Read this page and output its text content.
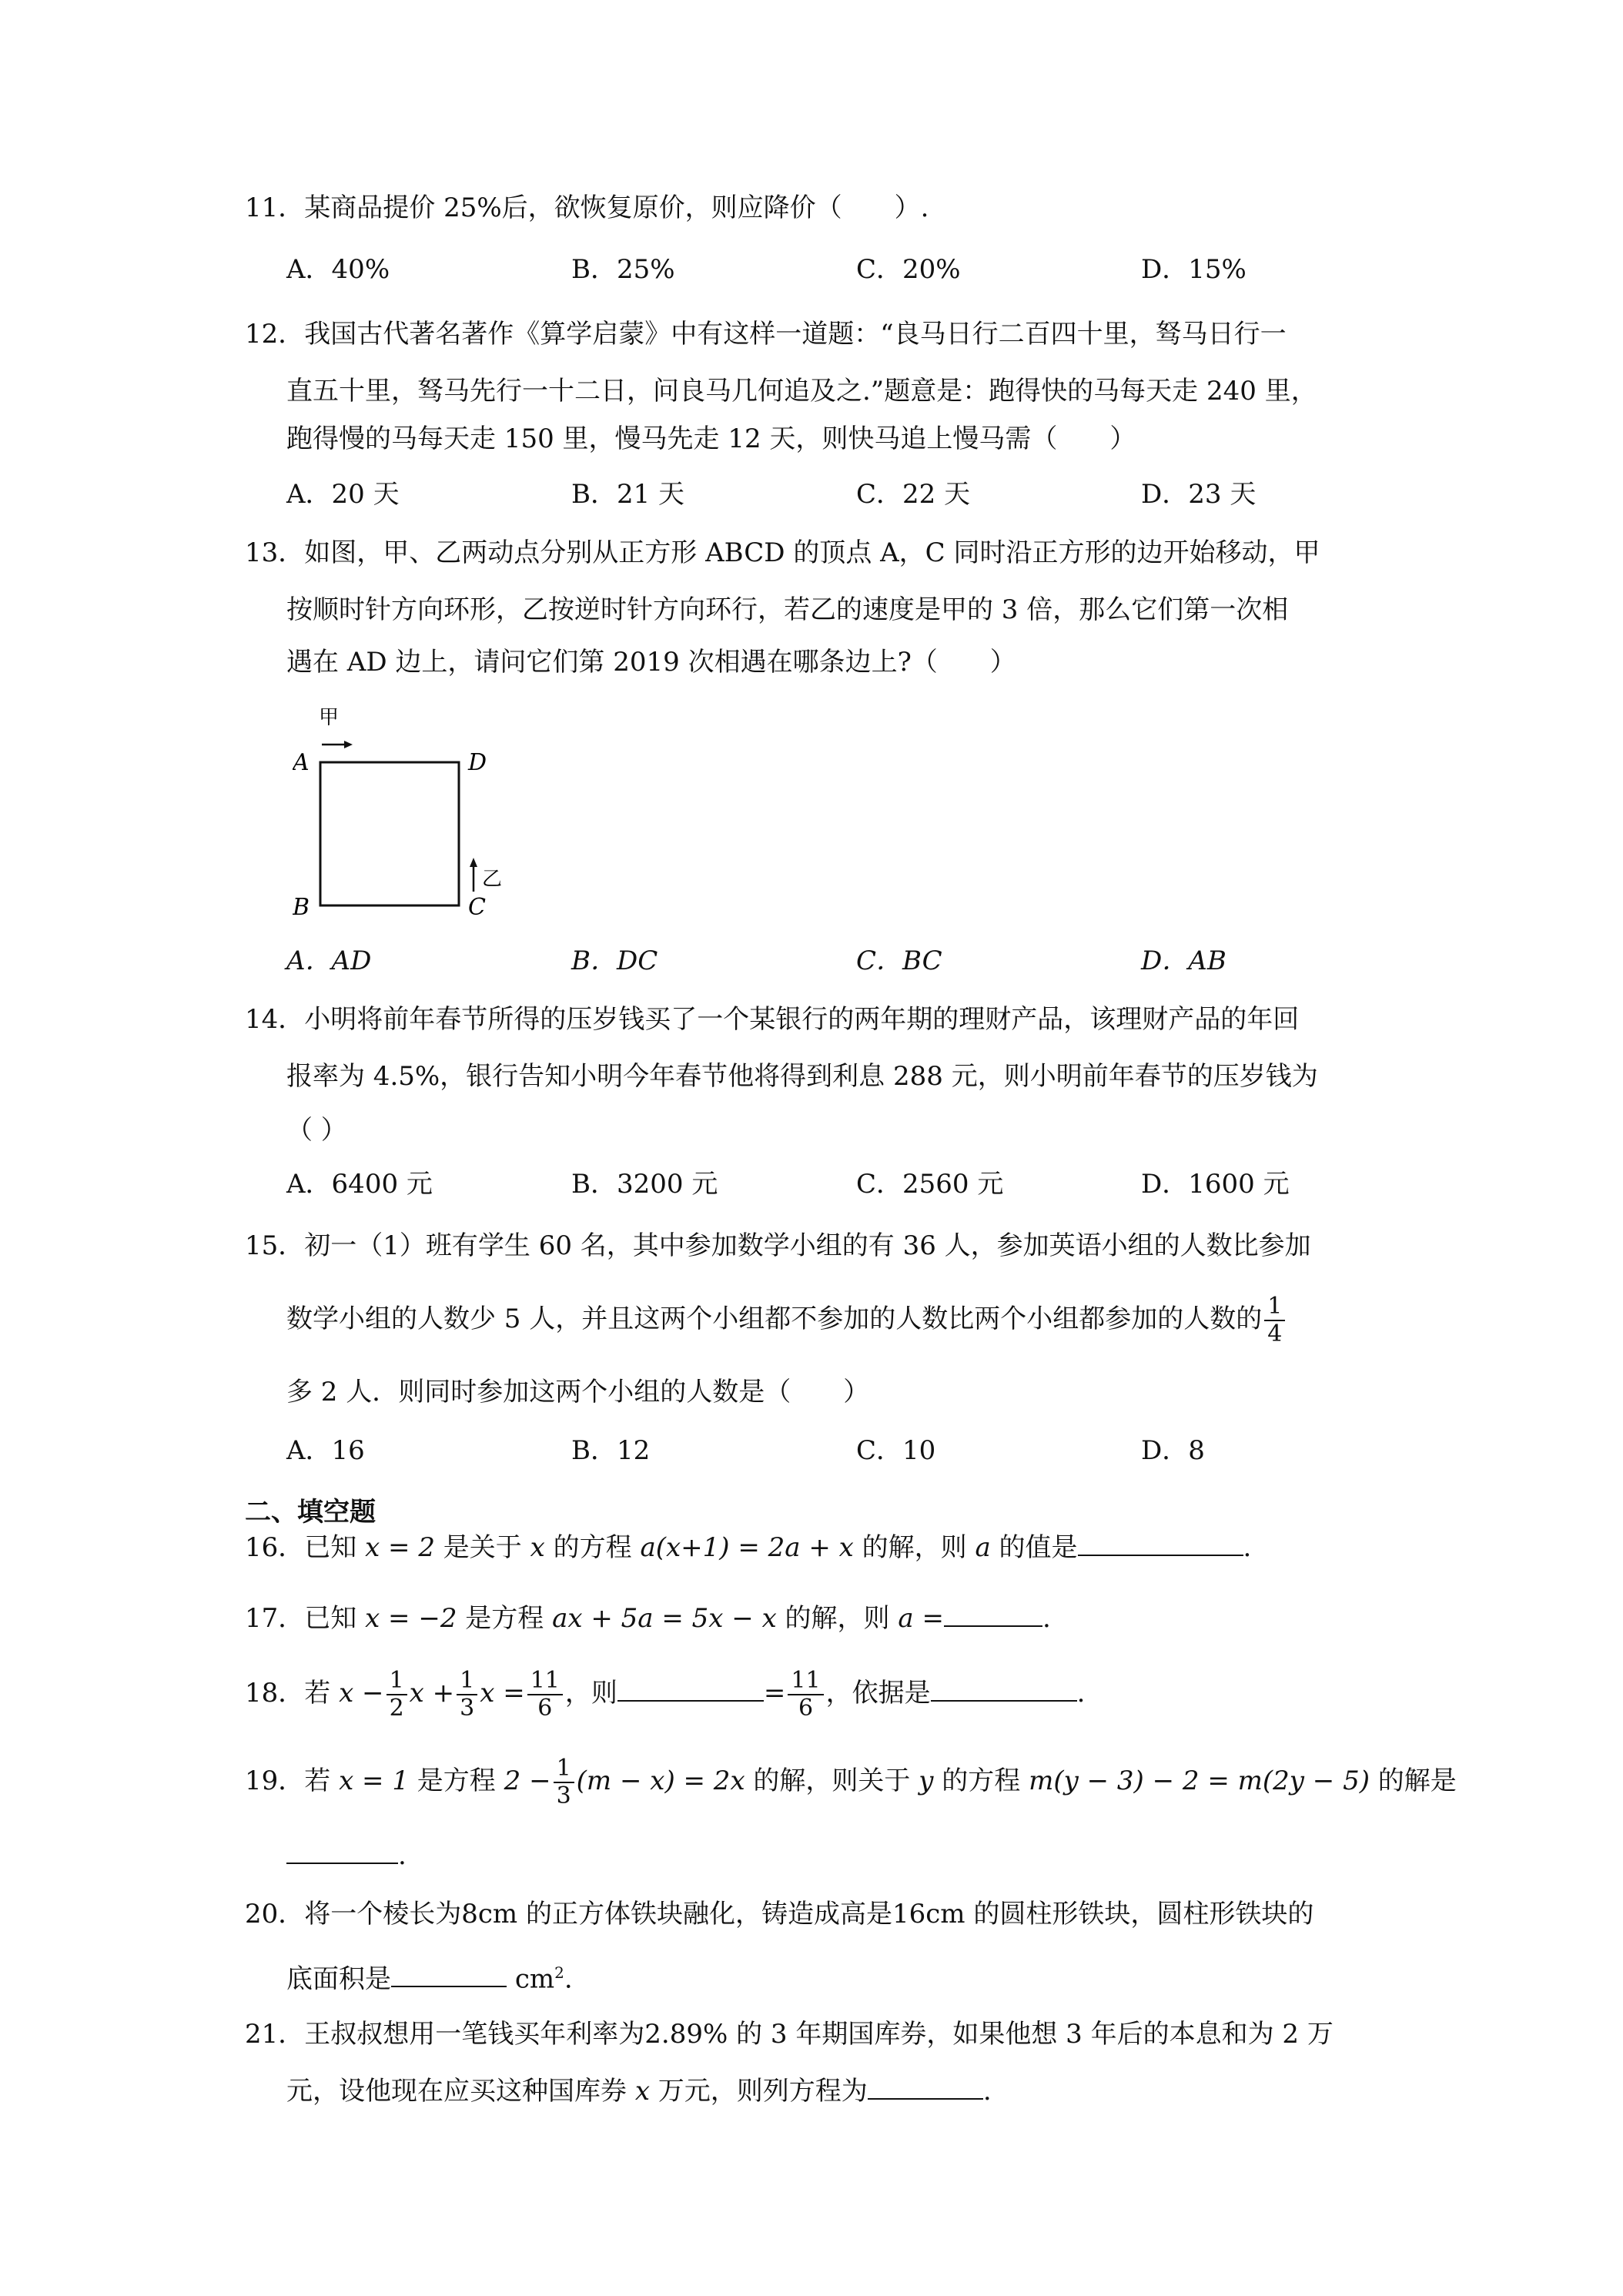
11．某商品提价 25%后，欲恢复原价，则应降价（　　）.
A．40%	B．25%	C．20%	D．15%
12．我国古代著名著作《算学启蒙》中有这样一道题：“良马日行二百四十里，驽马日行一
直五十里，驽马先行一十二日，问良马几何追及之.”题意是：跑得快的马每天走 240 里，
跑得慢的马每天走 150 里，慢马先走 12 天，则快马追上慢马需（　　）
A．20 天	B．21 天	C．22 天	D．23 天
13．如图，甲、乙两动点分别从正方形 ABCD 的顶点 A，C 同时沿正方形的边开始移动，甲
按顺时针方向环形，乙按逆时针方向环行，若乙的速度是甲的 3 倍，那么它们第一次相
遇在 AD 边上，请问它们第 2019 次相遇在哪条边上?（　　）
甲
A	D
B	C
乙
A．AD	B．DC	C．BC	D．AB
14．小明将前年春节所得的压岁钱买了一个某银行的两年期的理财产品，该理财产品的年回
报率为 4.5%，银行告知小明今年春节他将得到利息 288 元，则小明前年春节的压岁钱为
（ ）
A．6400 元	B．3200 元	C．2560 元	D．1600 元
15．初一（1）班有学生 60 名，其中参加数学小组的有 36 人，参加英语小组的人数比参加
数学小组的人数少 5 人，并且这两个小组都不参加的人数比两个小组都参加的人数的 $\frac{1}{4}$
多 2 人．则同时参加这两个小组的人数是（　　）
A．16	B．12	C．10	D．8
二、填空题
16．已知 x = 2 是关于 x 的方程 a(x+1) = 2a + x 的解，则 a 的值是	.
17．已知 x = −2 是方程 ax + 5a = 5x − x 的解，则 a =	.
18．若 $x - \frac{1}{2}$ $x + \frac{1}{3}$ $x = \frac{11}{6}$ ，则	= $\frac{11}{6}$ ，依据是	.
19．若 x = 1 是方程 $2 - \frac{1}{3} (m - x) = 2x$ 的解，则关于 y 的方程 m(y − 3) − 2 = m(2y − 5) 的解是
.
20．将一个棱长为8cm 的正方体铁块融化，铸造成高是16cm 的圆柱形铁块，圆柱形铁块的
底面积是	$cm^2$.
21．王叔叔想用一笔钱买年利率为2.89% 的 3 年期国库券，如果他想 3 年后的本息和为 2 万
元，设他现在应买这种国库券 x 万元，则列方程为	.
